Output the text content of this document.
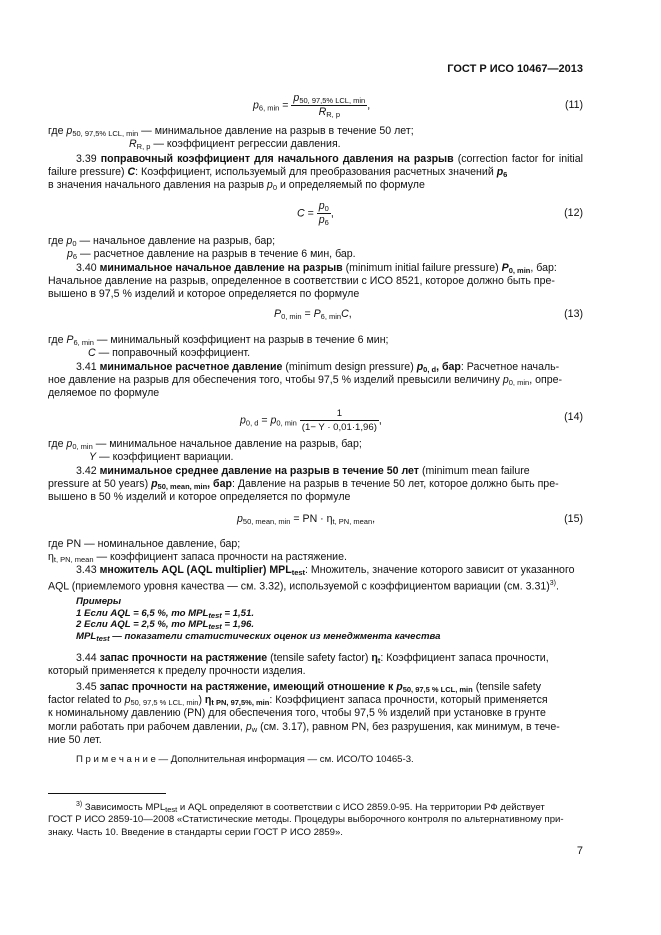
ГОСТ Р ИСО 10467—2013
$p_{6, min} = \frac{p_{50, 97,5\% LCL, min}}{R_{R, p}}$ ,	(11)
где $p_{50, 97,5\% LCL, min}$ — минимальное давление на разрыв в течение 50 лет;
$R_{R, p}$ — коэффициент регрессии давления.
3.39 поправочный коэффициент для начального давления на разрыв (correction factor for initial failure pressure) C: Коэффициент, используемый для преобразования расчетных значений $p_6$
в значения начального давления на разрыв $p_0$ и определяемый по формуле
$C = \frac{p_0}{p_6}$ ,	(12)
где $p_0$ — начальное давление на разрыв, бар;
$p_6$ — расчетное давление на разрыв в течение 6 мин, бар.
3.40 минимальное начальное давление на разрыв (minimum initial failure pressure) $P_{0, min}$, бар:
Начальное давление на разрыв, определенное в соответствии с ИСО 8521, которое должно быть пре-
вышено в 97,5 % изделий и которое определяется по формуле
$P_{0, min} = P_{6, min}C$,	(13)
где $P_{6, min}$ — минимальный коэффициент на разрыв в течение 6 мин;
C — поправочный коэффициент.
3.41 минимальное расчетное давление (minimum design pressure) $p_{0, d}$, бар: Расчетное началь-
ное давление на разрыв для обеспечения того, чтобы 97,5 % изделий превысили величину $p_{0, min}$, опре-
деляемое по формуле
$p_{0, d} = p_{0, min} \frac{1}{(1- Y \cdot 0,01\cdot 1,96)}$ ,	(14)
где $p_{0, min}$ — минимальное начальное давление на разрыв, бар;
Y — коэффициент вариации.
3.42 минимальное среднее давление на разрыв в течение 50 лет (minimum mean failure
pressure at 50 years) $p_{50, mean, min}$, бар: Давление на разрыв в течение 50 лет, которое должно быть пре-
вышено в 50 % изделий и которое определяется по формуле
$p_{50, mean, min}$ = PN · $\eta_{t, PN, mean}$,	(15)
где PN — номинальное давление, бар;
$\eta_{t, PN, mean}$ — коэффициент запаса прочности на растяжение.
3.43 множитель AQL (AQL multiplier) $MPL_{test}$: Множитель, значение которого зависит от указанного
AQL (приемлемого уровня качества — см. 3.32), используемой с коэффициентом вариации (см. 3.31)$^{3)}$.
Примеры
1 Если AQL = 6,5 %, то $MPL_{test} = 1,51$.
2 Если AQL = 2,5 %, то $MPL_{test} = 1,96$.
$MPL_{test}$ — показатели статистических оценок из менеджмента качества
3.44 запас прочности на растяжение (tensile safety factor) $\eta_t$: Коэффициент запаса прочности,
который применяется к пределу прочности изделия.
3.45 запас прочности на растяжение, имеющий отношение к $p_{50, 97,5 \% LCL, min}$ (tensile safety
factor related to $p_{50, 97,5 \% LCL, min}$) $\eta_{t PN, 97,5\%, min}$: Коэффициент запаса прочности, который применяется
к номинальному давлению (PN) для обеспечения того, чтобы 97,5 % изделий при установке в грунте
могли работать при рабочем давлении, $p_w$ (см. 3.17), равном PN, без разрушения, как минимум, в тече-
ние 50 лет.
П р и м е ч а н и е — Дополнительная информация — см. ИСО/ТО 10465-3.
$^{3)}$ Зависимость $MPL_{test}$ и AQL определяют в соответствии с ИСО 2859.0-95. На территории РФ действует
ГОСТ Р ИСО 2859-10—2008 «Статистические методы. Процедуры выборочного контроля по альтернативному при-
знаку. Часть 10. Введение в стандарты серии ГОСТ Р ИСО 2859».
7
